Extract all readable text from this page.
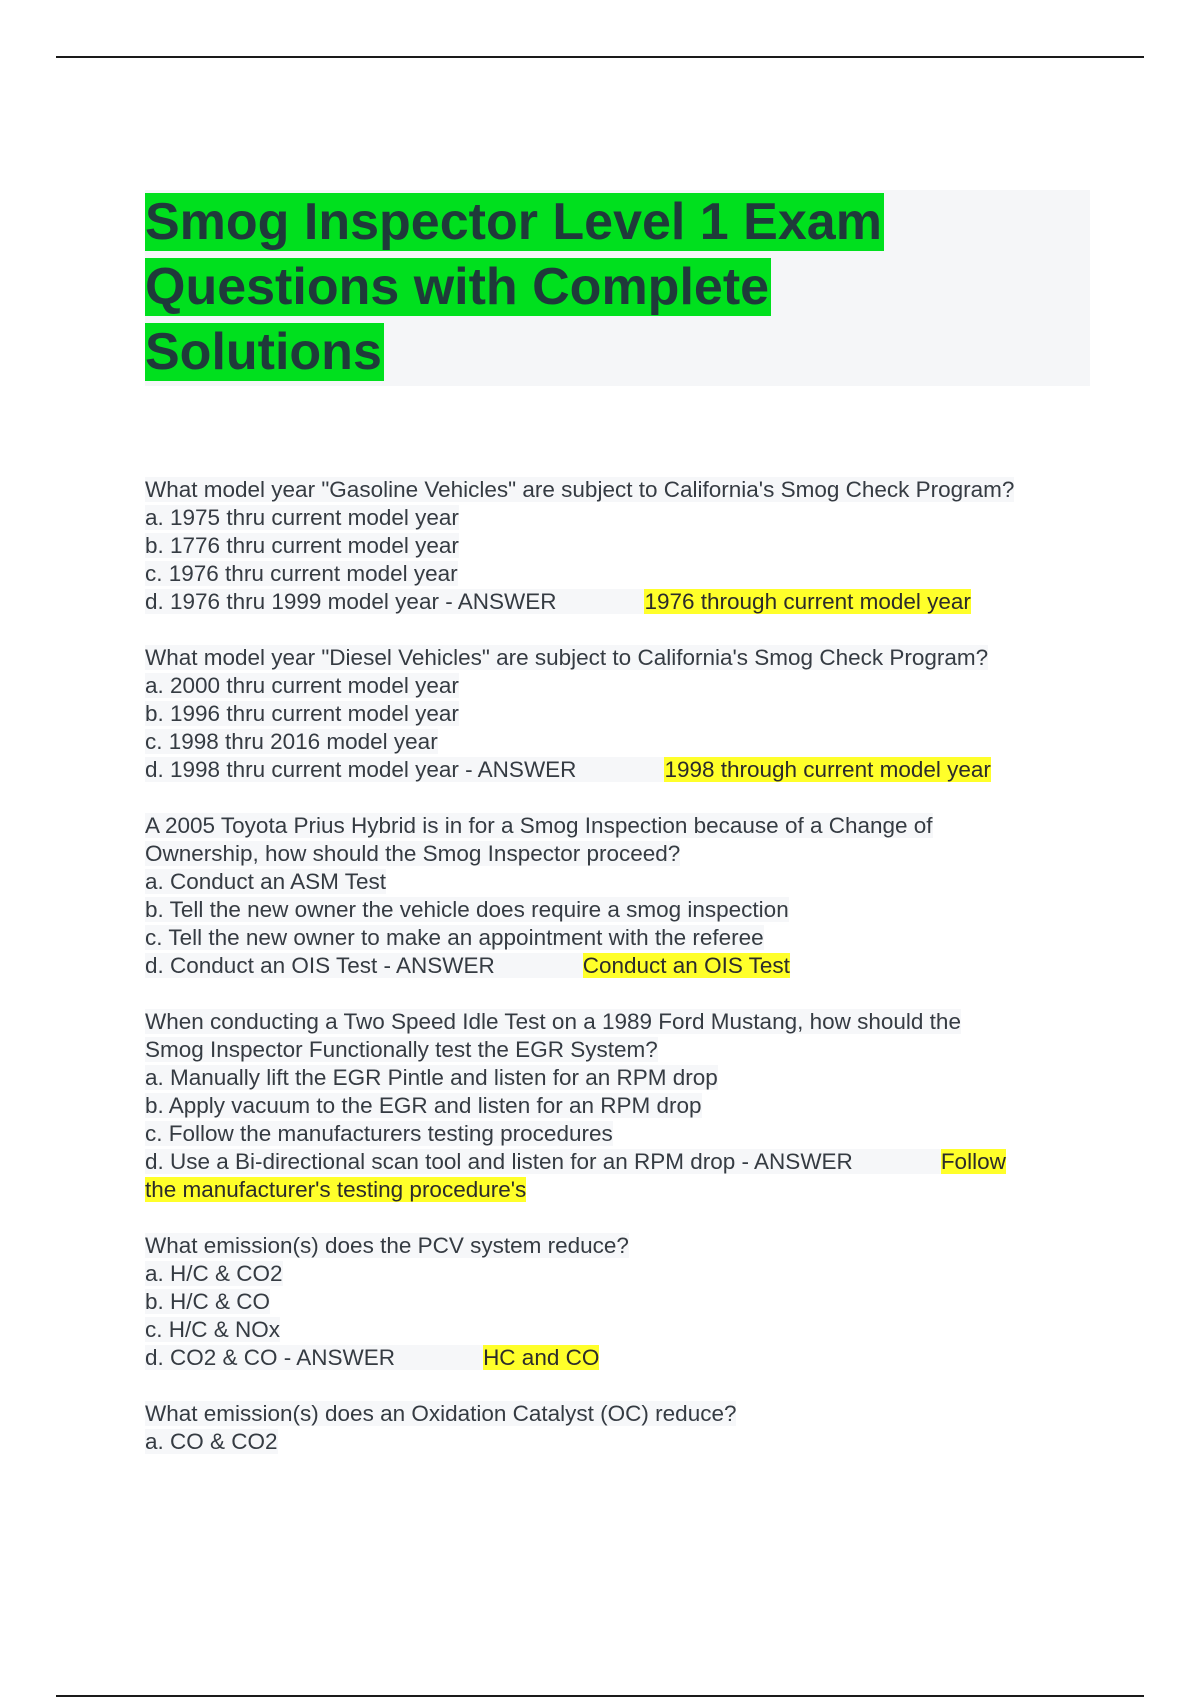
Smog Inspector Level 1 Exam
Questions with Complete
Solutions
What model year "Gasoline Vehicles" are subject to California's Smog Check Program?
a. 1975 thru current model year
b. 1776 thru current model year
c. 1976 thru current model year
d. 1976 thru 1999 model year - ANSWER	1976 through current model year
What model year "Diesel Vehicles" are subject to California's Smog Check Program?
a. 2000 thru current model year
b. 1996 thru current model year
c. 1998 thru 2016 model year
d. 1998 thru current model year - ANSWER	1998 through current model year
A 2005 Toyota Prius Hybrid is in for a Smog Inspection because of a Change of
Ownership, how should the Smog Inspector proceed?
a. Conduct an ASM Test
b. Tell the new owner the vehicle does require a smog inspection
c. Tell the new owner to make an appointment with the referee
d. Conduct an OIS Test - ANSWER	Conduct an OIS Test
When conducting a Two Speed Idle Test on a 1989 Ford Mustang, how should the
Smog Inspector Functionally test the EGR System?
a. Manually lift the EGR Pintle and listen for an RPM drop
b. Apply vacuum to the EGR and listen for an RPM drop
c. Follow the manufacturers testing procedures
d. Use a Bi-directional scan tool and listen for an RPM drop - ANSWER	Follow
the manufacturer's testing procedure's
What emission(s) does the PCV system reduce?
a. H/C & CO2
b. H/C & CO
c. H/C & NOx
d. CO2 & CO - ANSWER	HC and CO
What emission(s) does an Oxidation Catalyst (OC) reduce?
a. CO & CO2
